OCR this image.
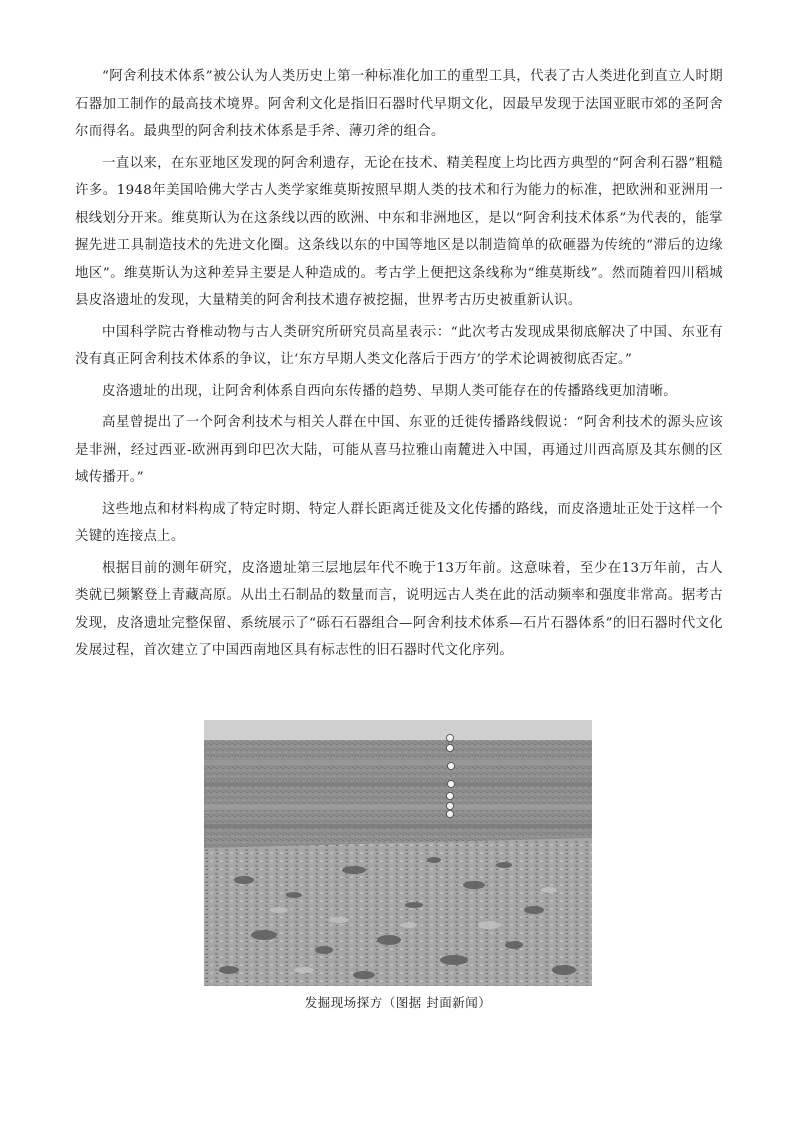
“阿舍利技术体系”被公认为人类历史上第一种标准化加工的重型工具，代表了古人类进化到直立人时期石器加工制作的最高技术境界。阿舍利文化是指旧石器时代早期文化，因最早发现于法国亚眠市郊的圣阿舍尔而得名。最典型的阿舍利技术体系是手斧、薄刃斧的组合。

一直以来，在东亚地区发现的阿舍利遗存，无论在技术、精美程度上均比西方典型的“阿舍利石器”粗糙许多。1948年美国哈佛大学古人类学家维莫斯按照早期人类的技术和行为能力的标准，把欧洲和亚洲用一根线划分开来。维莫斯认为在这条线以西的欧洲、中东和非洲地区，是以“阿舍利技术体系”为代表的，能掌握先进工具制造技术的先进文化圈。这条线以东的中国等地区是以制造简单的砍砸器为传统的“滞后的边缘地区”。维莫斯认为这种差异主要是人种造成的。考古学上便把这条线称为“维莫斯线”。然而随着四川稻城县皮洛遗址的发现，大量精美的阿舍利技术遗存被挖掘，世界考古历史被重新认识。

中国科学院古脊椎动物与古人类研究所研究员高星表示：“此次考古发现成果彻底解决了中国、东亚有没有真正阿舍利技术体系的争议，让‘东方早期人类文化落后于西方’的学术论调被彻底否定。”

皮洛遗址的出现，让阿舍利体系自西向东传播的趋势、早期人类可能存在的传播路线更加清晰。

高星曾提出了一个阿舍利技术与相关人群在中国、东亚的迁徙传播路线假说：“阿舍利技术的源头应该是非洲，经过西亚-欧洲再到印巴次大陆，可能从喜马拉雅山南麓进入中国，再通过川西高原及其东侧的区域传播开。”

这些地点和材料构成了特定时期、特定人群长距离迁徙及文化传播的路线，而皮洛遗址正处于这样一个关键的连接点上。

根据目前的测年研究，皮洛遗址第三层地层年代不晚于13万年前。这意味着，至少在13万年前，古人类就已频繁登上青藏高原。从出土石制品的数量而言，说明远古人类在此的活动频率和强度非常高。据考古发现，皮洛遗址完整保留、系统展示了“砾石石器组合—阿舍利技术体系—石片石器体系”的旧石器时代文化发展过程，首次建立了中国西南地区具有标志性的旧石器时代文化序列。

发掘现场探方（图据 封面新闻）
